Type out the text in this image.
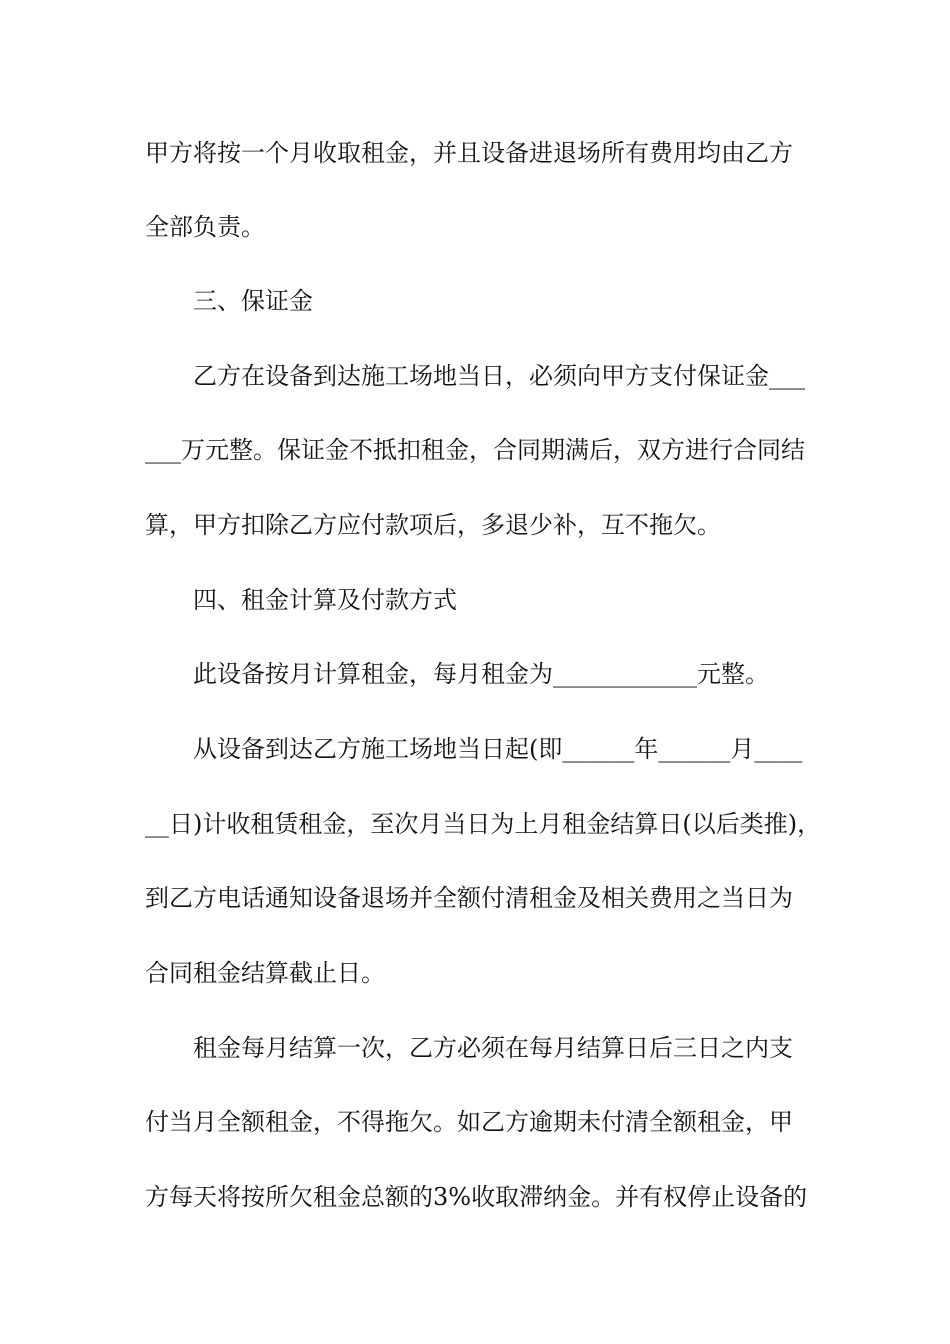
甲方将按一个月收取租金，并且设备进退场所有费用均由乙方

全部负责。

三、保证金

乙方在设备到达施工场地当日，必须向甲方支付保证金___

___万元整。保证金不抵扣租金，合同期满后，双方进行合同结

算，甲方扣除乙方应付款项后，多退少补，互不拖欠。

四、租金计算及付款方式

此设备按月计算租金，每月租金为____________元整。

从设备到达乙方施工场地当日起(即______年______月____

__日)计收租赁租金，至次月当日为上月租金结算日(以后类推)，

到乙方电话通知设备退场并全额付清租金及相关费用之当日为

合同租金结算截止日。

租金每月结算一次，乙方必须在每月结算日后三日之内支

付当月全额租金，不得拖欠。如乙方逾期未付清全额租金，甲

方每天将按所欠租金总额的3%收取滞纳金。并有权停止设备的
